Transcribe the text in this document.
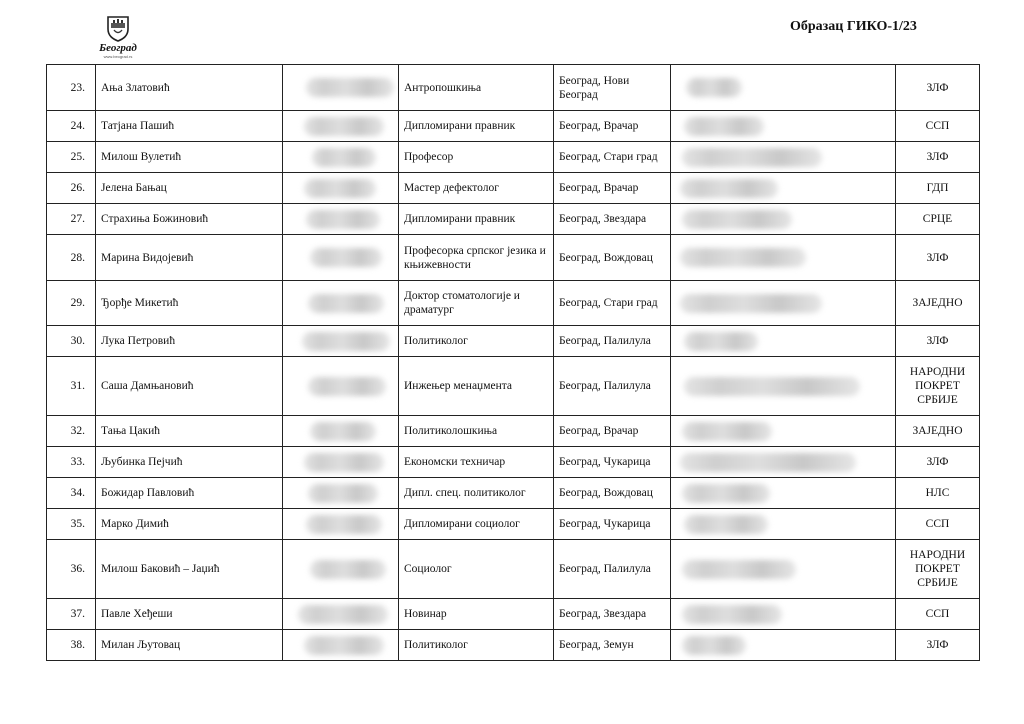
Београд
www.beograd.rs
Образац ГИКО-1/23
23.	Ања Златовић		Антропошкиња	Београд, Нови Београд		ЗЛФ
24.	Татјана Пашић		Дипломирани правник	Београд, Врачар		ССП
25.	Милош Вулетић		Професор	Београд, Стари град		ЗЛФ
26.	Јелена Бањац		Мастер дефектолог	Београд, Врачар		ГДП
27.	Страхиња Божиновић		Дипломирани правник	Београд, Звездара		СРЦЕ
28.	Марина Видојевић		Професорка српског језика и књижевности	Београд, Вождовац		ЗЛФ
29.	Ђорђе Микетић		Доктор стоматологије и драматург	Београд, Стари град		ЗАЈЕДНО
30.	Лука Петровић		Политиколог	Београд, Палилула		ЗЛФ
31.	Саша Дамњановић		Инжењер менаџмента	Београд, Палилула		НАРОДНИ ПОКРЕТ СРБИЈЕ
32.	Тања Цакић		Политиколошкиња	Београд, Врачар		ЗАЈЕДНО
33.	Љубинка Пејчић		Економски техничар	Београд, Чукарица		ЗЛФ
34.	Божидар Павловић		Дипл. спец. политиколог	Београд, Вождовац		НЛС
35.	Марко Димић		Дипломирани социолог	Београд, Чукарица		ССП
36.	Милош Баковић – Јаџић		Социолог	Београд, Палилула		НАРОДНИ ПОКРЕТ СРБИЈЕ
37.	Павле Хеђеши		Новинар	Београд, Звездара		ССП
38.	Милан Љутовац		Политиколог	Београд, Земун		ЗЛФ
